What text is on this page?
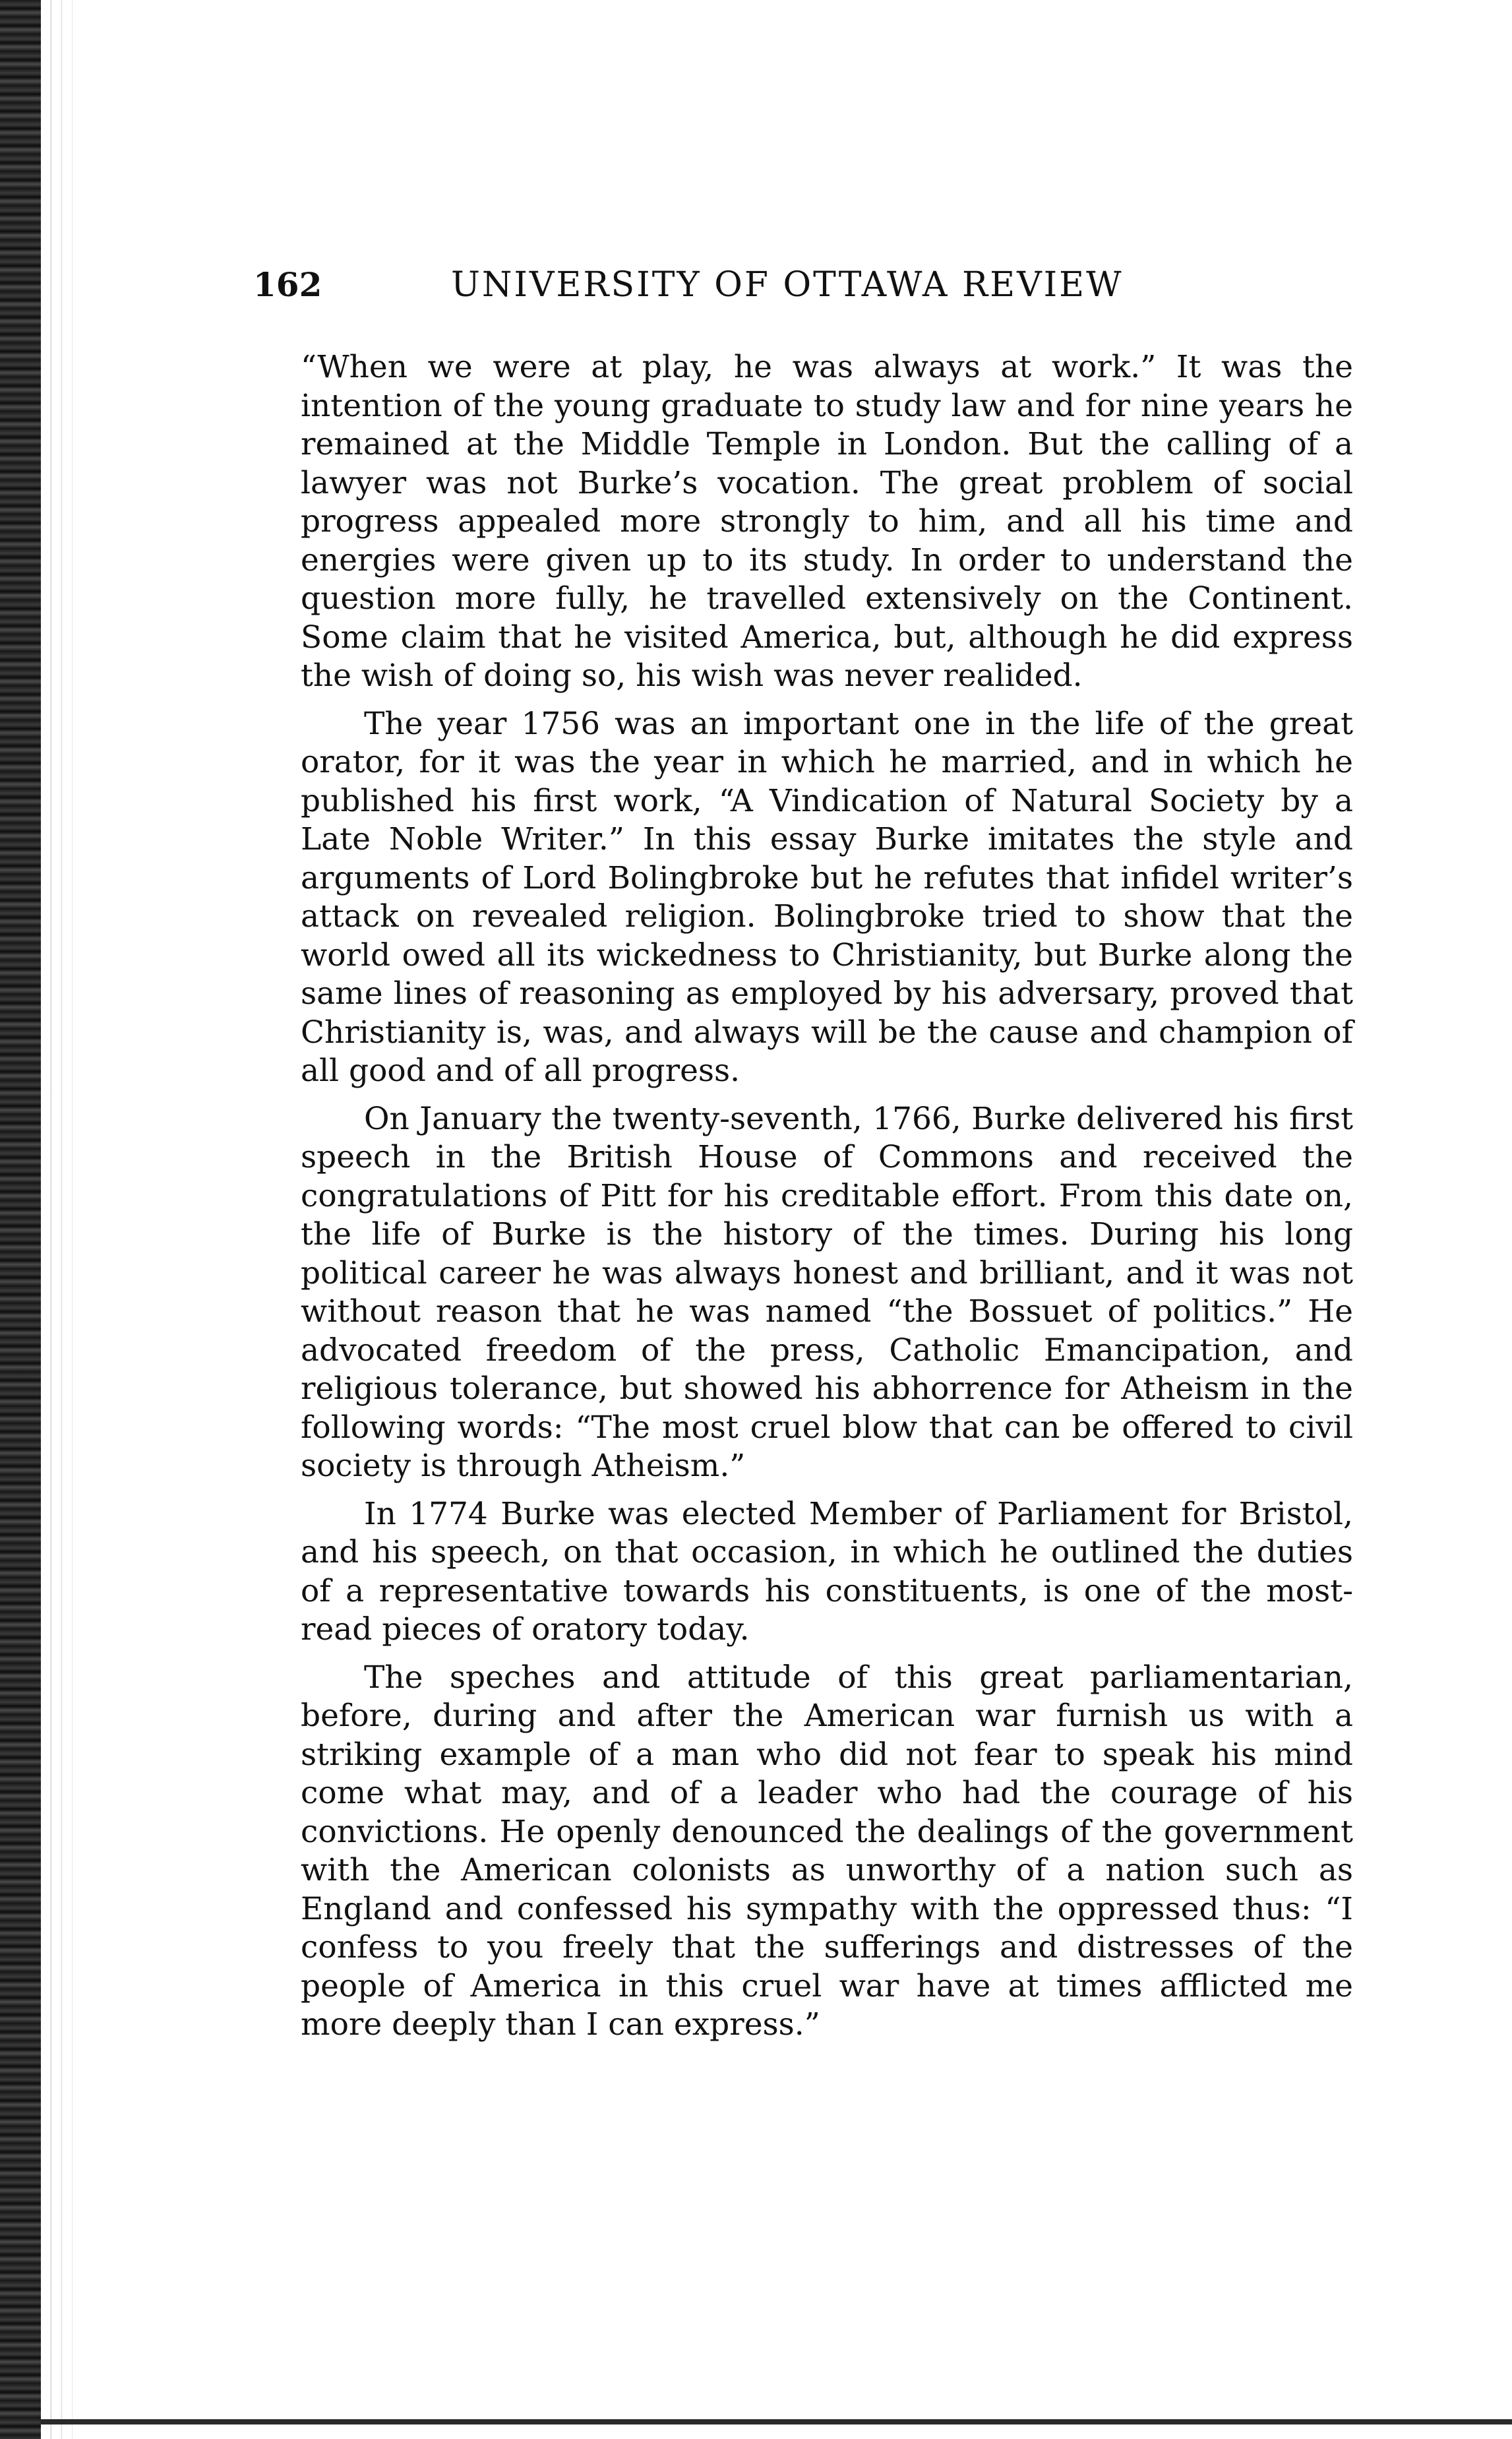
162	UNIVERSITY OF OTTAWA REVIEW

“When we were at play, he was always at work.” It was the intention of the young graduate to study law and for nine years he remained at the Middle Temple in London. But the calling of a lawyer was not Burke’s vocation. The great problem of social progress appealed more strongly to him, and all his time and energies were given up to its study. In order to understand the question more fully, he travelled extensively on the Continent. Some claim that he visited America, but, although he did express the wish of doing so, his wish was never realided.

The year 1756 was an important one in the life of the great orator, for it was the year in which he married, and in which he published his first work, “A Vindication of Natural Society by a Late Noble Writer.” In this essay Burke imitates the style and arguments of Lord Bolingbroke but he refutes that infidel writer’s attack on revealed religion. Bolingbroke tried to show that the world owed all its wickedness to Christianity, but Burke along the same lines of reasoning as employed by his adversary, proved that Christianity is, was, and always will be the cause and champion of all good and of all progress.

On January the twenty-seventh, 1766, Burke delivered his first speech in the British House of Commons and received the congratulations of Pitt for his creditable effort. From this date on, the life of Burke is the history of the times. During his long political career he was always honest and brilliant, and it was not without reason that he was named “the Bossuet of politics.” He advocated freedom of the press, Catholic Emancipation, and religious tolerance, but showed his abhorrence for Atheism in the following words: “The most cruel blow that can be offered to civil society is through Atheism.”

In 1774 Burke was elected Member of Parliament for Bristol, and his speech, on that occasion, in which he outlined the duties of a representative towards his constituents, is one of the most-read pieces of oratory today.

The speches and attitude of this great parliamentarian, before, during and after the American war furnish us with a striking example of a man who did not fear to speak his mind come what may, and of a leader who had the courage of his convictions. He openly denounced the dealings of the government with the American colonists as unworthy of a nation such as England and confessed his sympathy with the oppressed thus: “I confess to you freely that the sufferings and distresses of the people of America in this cruel war have at times afflicted me more deeply than I can express.”
